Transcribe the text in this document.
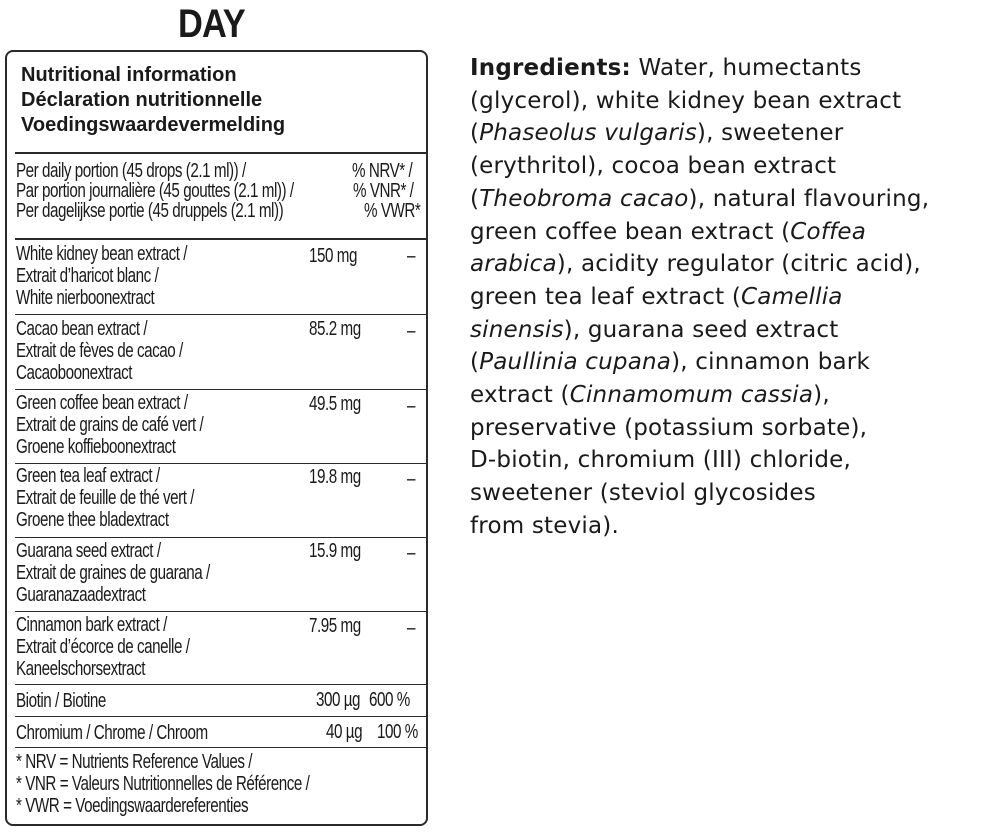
DAY
Nutritional information
Déclaration nutritionnelle
Voedingswaardevermelding
Per daily portion (45 drops (2.1 ml)) /
Par portion journalière (45 gouttes (2.1 ml)) /
Per dagelijkse portie (45 druppels (2.1 ml))
% NRV* /
% VNR* /
% VWR*
White kidney bean extract /
Extrait d’haricot blanc /
White nierboonextract
150 mg	–
Cacao bean extract /
Extrait de fèves de cacao /
Cacaoboonextract
85.2 mg	–
Green coffee bean extract /
Extrait de grains de café vert /
Groene koffieboonextract
49.5 mg	–
Green tea leaf extract /
Extrait de feuille de thé vert /
Groene thee bladextract
19.8 mg	–
Guarana seed extract /
Extrait de graines de guarana /
Guaranazaadextract
15.9 mg	–
Cinnamon bark extract /
Extrait d’écorce de canelle /
Kaneelschorsextract
7.95 mg	–
Biotin / Biotine	300 µg 600 %
Chromium / Chrome / Chroom	40 µg 100 %
* NRV = Nutrients Reference Values /
* VNR = Valeurs Nutritionnelles de Référence /
* VWR = Voedingswaardereferenties
Ingredients: Water, humectants
(glycerol), white kidney bean extract
(Phaseolus vulgaris), sweetener
(erythritol), cocoa bean extract
(Theobroma cacao), natural flavouring,
green coffee bean extract (Coffea
arabica), acidity regulator (citric acid),
green tea leaf extract (Camellia
sinensis), guarana seed extract
(Paullinia cupana), cinnamon bark
extract (Cinnamomum cassia),
preservative (potassium sorbate),
D-biotin, chromium (III) chloride,
sweetener (steviol glycosides
from stevia).
